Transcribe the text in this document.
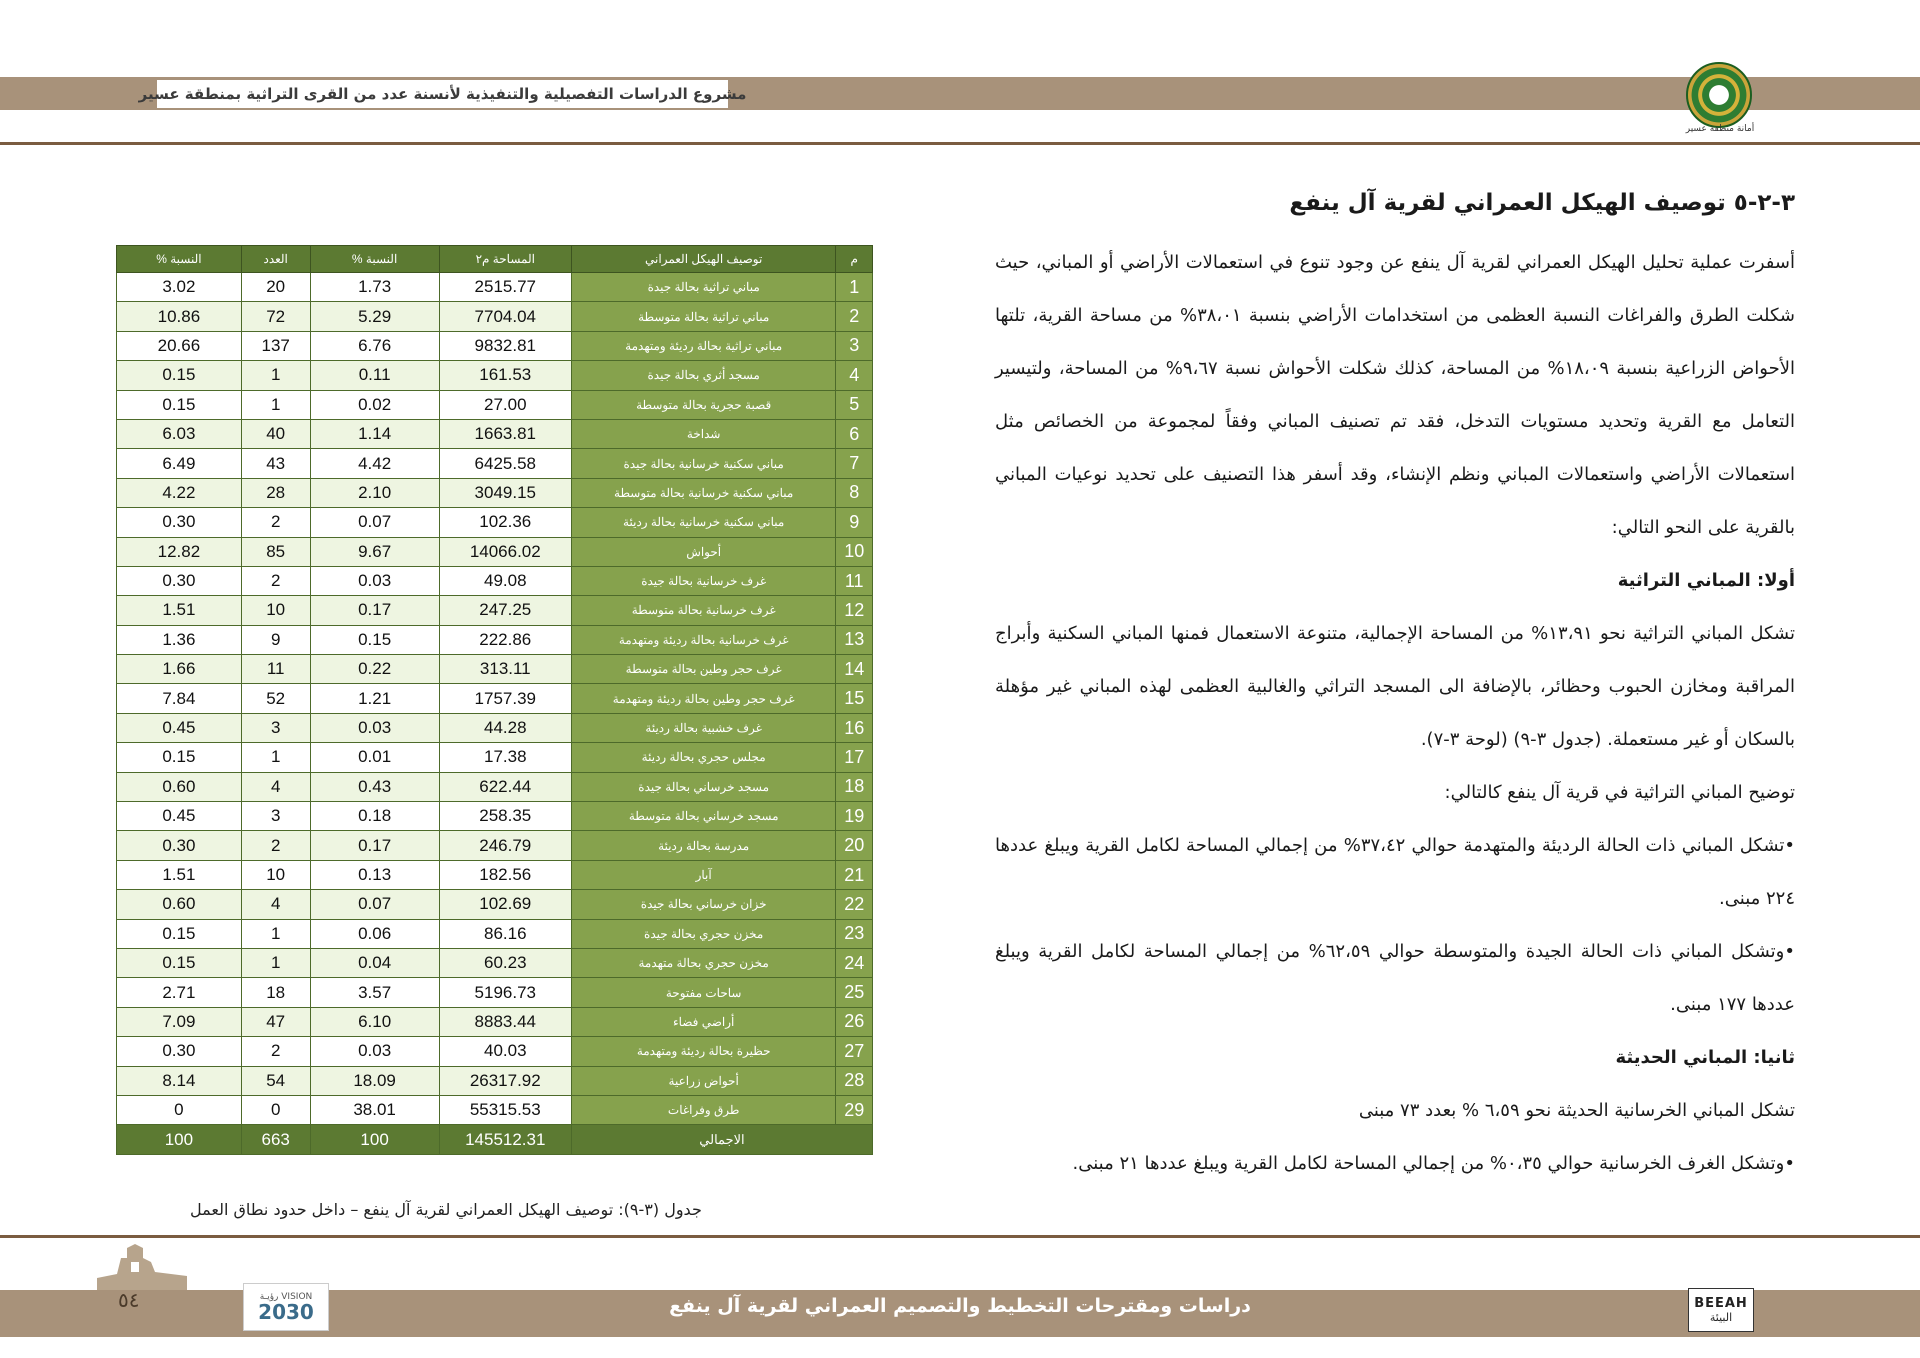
مشروع الدراسات التفصيلية والتنفيذية لأنسنة عدد من القرى التراثية بمنطقة عسير
أمانة منطقة عسير
٣-٢-٥ توصيف الهيكل العمراني لقرية آل ينفع

أسفرت عملية تحليل الهيكل العمراني لقرية آل ينفع عن وجود تنوع في استعمالات الأراضي أو المباني، حيث شكلت الطرق والفراغات النسبة العظمى من استخدامات الأراضي بنسبة ٣٨،٠١% من مساحة القرية، تلتها الأحواض الزراعية بنسبة ١٨،٠٩% من المساحة، كذلك شكلت الأحواش نسبة ٩،٦٧% من المساحة، ولتيسير التعامل مع القرية وتحديد مستويات التدخل، فقد تم تصنيف المباني وفقاً لمجموعة من الخصائص مثل استعمالات الأراضي واستعمالات المباني ونظم الإنشاء، وقد أسفر هذا التصنيف على تحديد نوعيات المباني بالقرية على النحو التالي:

أولا: المباني التراثية

تشكل المباني التراثية نحو ١٣،٩١% من المساحة الإجمالية، متنوعة الاستعمال فمنها المباني السكنية وأبراج المراقبة ومخازن الحبوب وحظائر، بالإضافة الى المسجد التراثي والغالبية العظمى لهذه المباني غير مؤهلة بالسكان أو غير مستعملة. (جدول ٣-٩) (لوحة ٣-٧).

توضيح المباني التراثية في قرية آل ينفع كالتالي:

•تشكل المباني ذات الحالة الرديئة والمتهدمة حوالي ٣٧،٤٢% من إجمالي المساحة لكامل القرية ويبلغ عددها ٢٢٤ مبنى.

•وتشكل المباني ذات الحالة الجيدة والمتوسطة حوالي ٦٢،٥٩% من إجمالي المساحة لكامل القرية ويبلغ عددها ١٧٧ مبنى.

ثانيا: المباني الحديثة

تشكل المباني الخرسانية الحديثة نحو ٦،٥٩ % بعدد ٧٣ مبنى

•وتشكل الغرف الخرسانية حوالي ٠،٣٥% من إجمالي المساحة لكامل القرية ويبلغ عددها ٢١ مبنى.

م	توصيف الهيكل العمراني	المساحة م٢	النسبة %	العدد	النسبة %
1	مباني تراثية بحالة جيدة	2515.77	1.73	20	3.02
2	مباني تراثية بحالة متوسطة	7704.04	5.29	72	10.86
3	مباني تراثية بحالة رديئة ومتهدمة	9832.81	6.76	137	20.66
4	مسجد أثري بحالة جيدة	161.53	0.11	1	0.15
5	قصبة حجرية بحالة متوسطة	27.00	0.02	1	0.15
6	شداخة	1663.81	1.14	40	6.03
7	مباني سكنية خرسانية بحالة جيدة	6425.58	4.42	43	6.49
8	مباني سكنية خرسانية بحالة متوسطة	3049.15	2.10	28	4.22
9	مباني سكنية خرسانية بحالة رديئة	102.36	0.07	2	0.30
10	أحواش	14066.02	9.67	85	12.82
11	غرف خرسانية بحالة جيدة	49.08	0.03	2	0.30
12	غرف خرسانية بحالة متوسطة	247.25	0.17	10	1.51
13	غرف خرسانية بحالة رديئة ومتهدمة	222.86	0.15	9	1.36
14	غرف حجر وطين بحالة متوسطة	313.11	0.22	11	1.66
15	غرف حجر وطين بحالة رديئة ومتهدمة	1757.39	1.21	52	7.84
16	غرف خشبية بحالة رديئة	44.28	0.03	3	0.45
17	مجلس حجري بحالة رديئة	17.38	0.01	1	0.15
18	مسجد خرساني بحالة جيدة	622.44	0.43	4	0.60
19	مسجد خرساني بحالة متوسطة	258.35	0.18	3	0.45
20	مدرسة بحالة رديئة	246.79	0.17	2	0.30
21	آبار	182.56	0.13	10	1.51
22	خزان خرساني بحالة جيدة	102.69	0.07	4	0.60
23	مخزن حجري بحالة جيدة	86.16	0.06	1	0.15
24	مخزن حجري بحالة متهدمة	60.23	0.04	1	0.15
25	ساحات مفتوحة	5196.73	3.57	18	2.71
26	أراضي فضاء	8883.44	6.10	47	7.09
27	حظيرة بحالة رديئة ومتهدمة	40.03	0.03	2	0.30
28	أحواض زراعية	26317.92	18.09	54	8.14
29	طرق وفراغات	55315.53	38.01	0	0
الاجمالي		145512.31	100	663	100
جدول (٣-٩): توصيف الهيكل العمراني لقرية آل ينفع – داخل حدود نطاق العمل
٥٤	VISION رؤيـة
2030	دراسات ومقترحات التخطيط والتصميم العمراني لقرية آل ينفع	BEEAH
البيئة
